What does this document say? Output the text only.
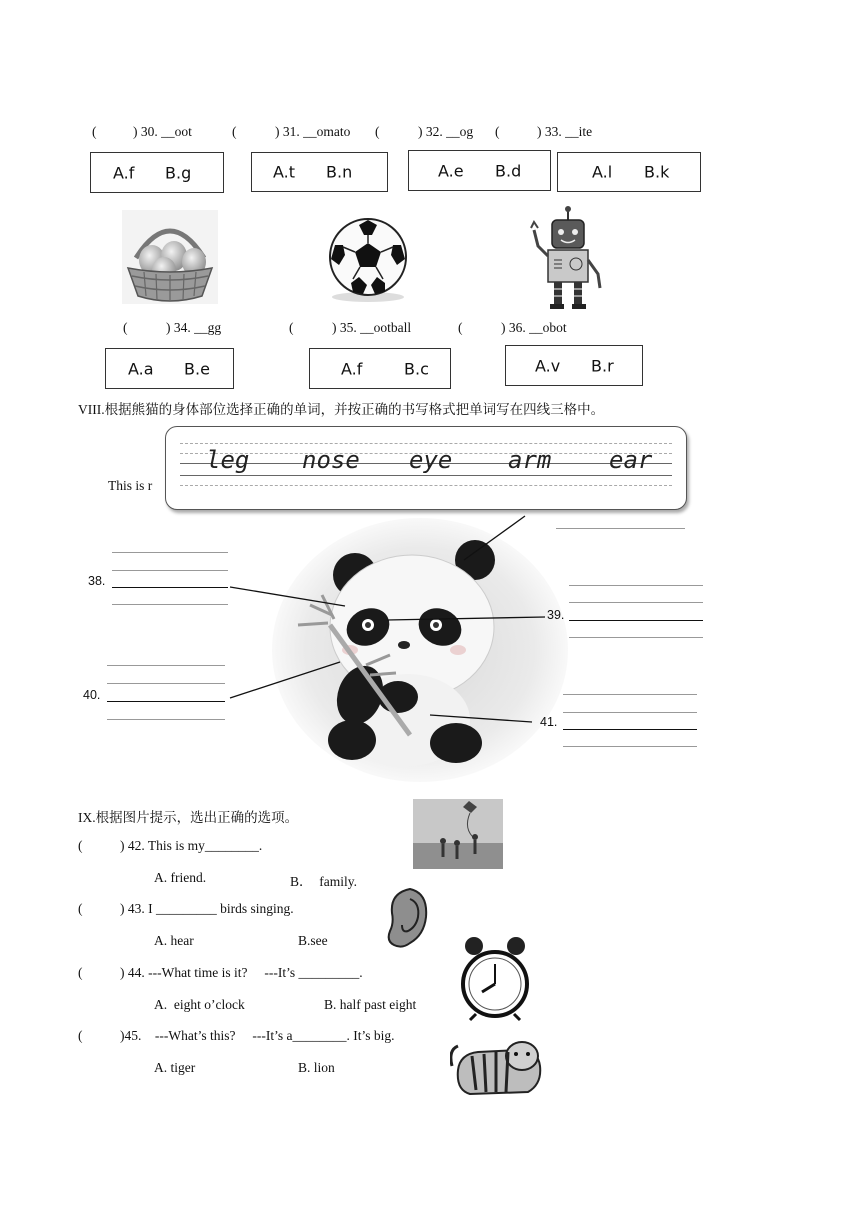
(	) 30. __oot
A.f B.g
(	) 31. __omato
A.t B.n
(	) 32. __og
A.e B.d
(	) 33. __ite
A.l B.k
(	) 34. __gg
A.a B.e
(	) 35. __ootball
A.f	B.c
(	) 36. __obot
A.v B.r
VIII.根据熊猫的身体部位选择正确的单词，并按正确的书写格式把单词写在四线三格中。
This is r
leg nose eye arm ear
38.
39.
40.
41.
IX.根据图片提示，选出正确的选项。
(	) 42. This is my________.
A. friend.	B．  family.
(	) 43. I _________ birds singing.
A. hear	B.see
(	) 44. ---What time is it?     ---It’s _________.
A.  eight o’clock	B. half past eight
(	)45.    ---What’s this?     ---It’s a________. It’s big.
A. tiger	B. lion
